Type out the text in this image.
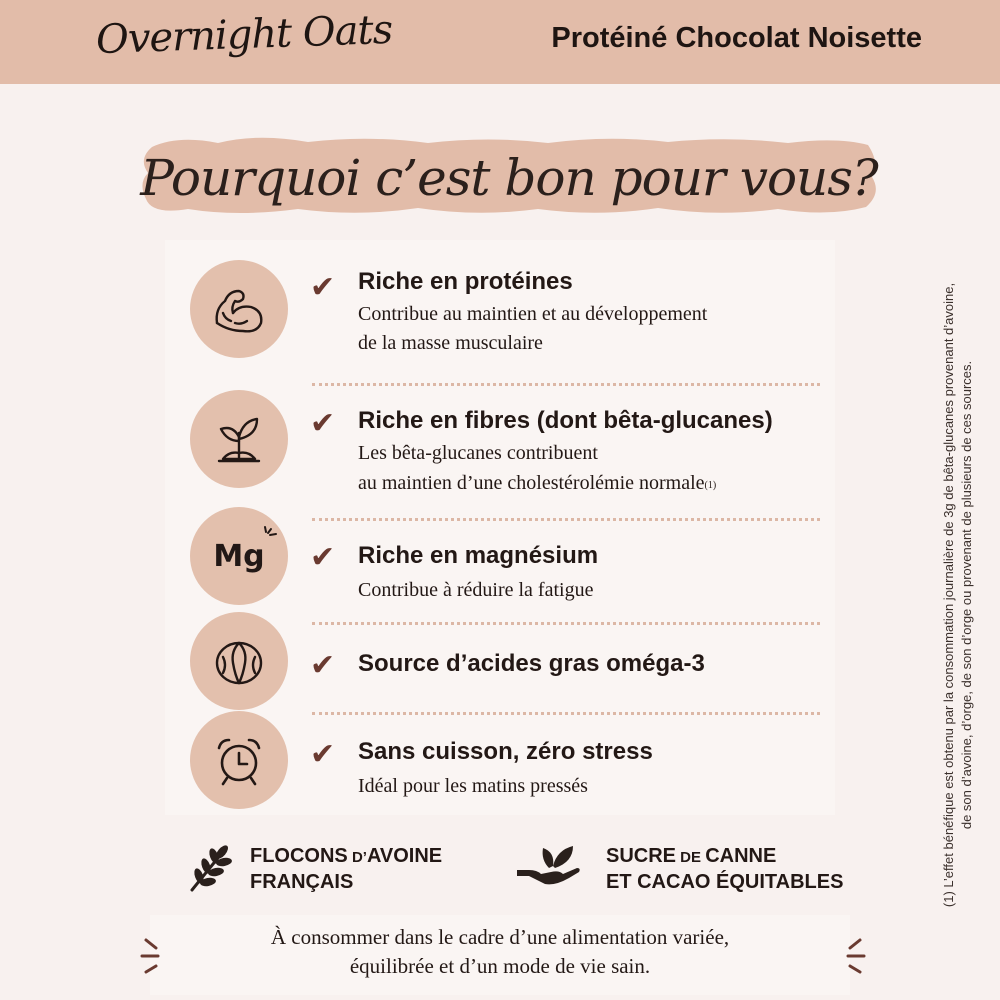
Overnight Oats	Protéiné Chocolat Noisette
Pourquoi c’est bon pour vous?
✔ Riche en protéines
Contribue au maintien et au développement
de la masse musculaire
✔ Riche en fibres (dont bêta-glucanes)
Les bêta-glucanes contribuent
au maintien d’une cholestérolémie normale$^{(1)}$
Mg ✔ Riche en magnésium
Contribue à réduire la fatigue
✔ Source d’acides gras oméga-3
✔ Sans cuisson, zéro stress
Idéal pour les matins pressés
FLOCONS D’AVOINE
FRANÇAIS
SUCRE DE CANNE
ET CACAO ÉQUITABLES
À consommer dans le cadre d’une alimentation variée,
équilibrée et d’un mode de vie sain.
(1) L’effet bénéfique est obtenu par la consommation journalière de 3g de bêta-glucanes provenant d’avoine, de son d’avoine, d’orge, de son d’orge ou provenant de plusieurs de ces sources.
